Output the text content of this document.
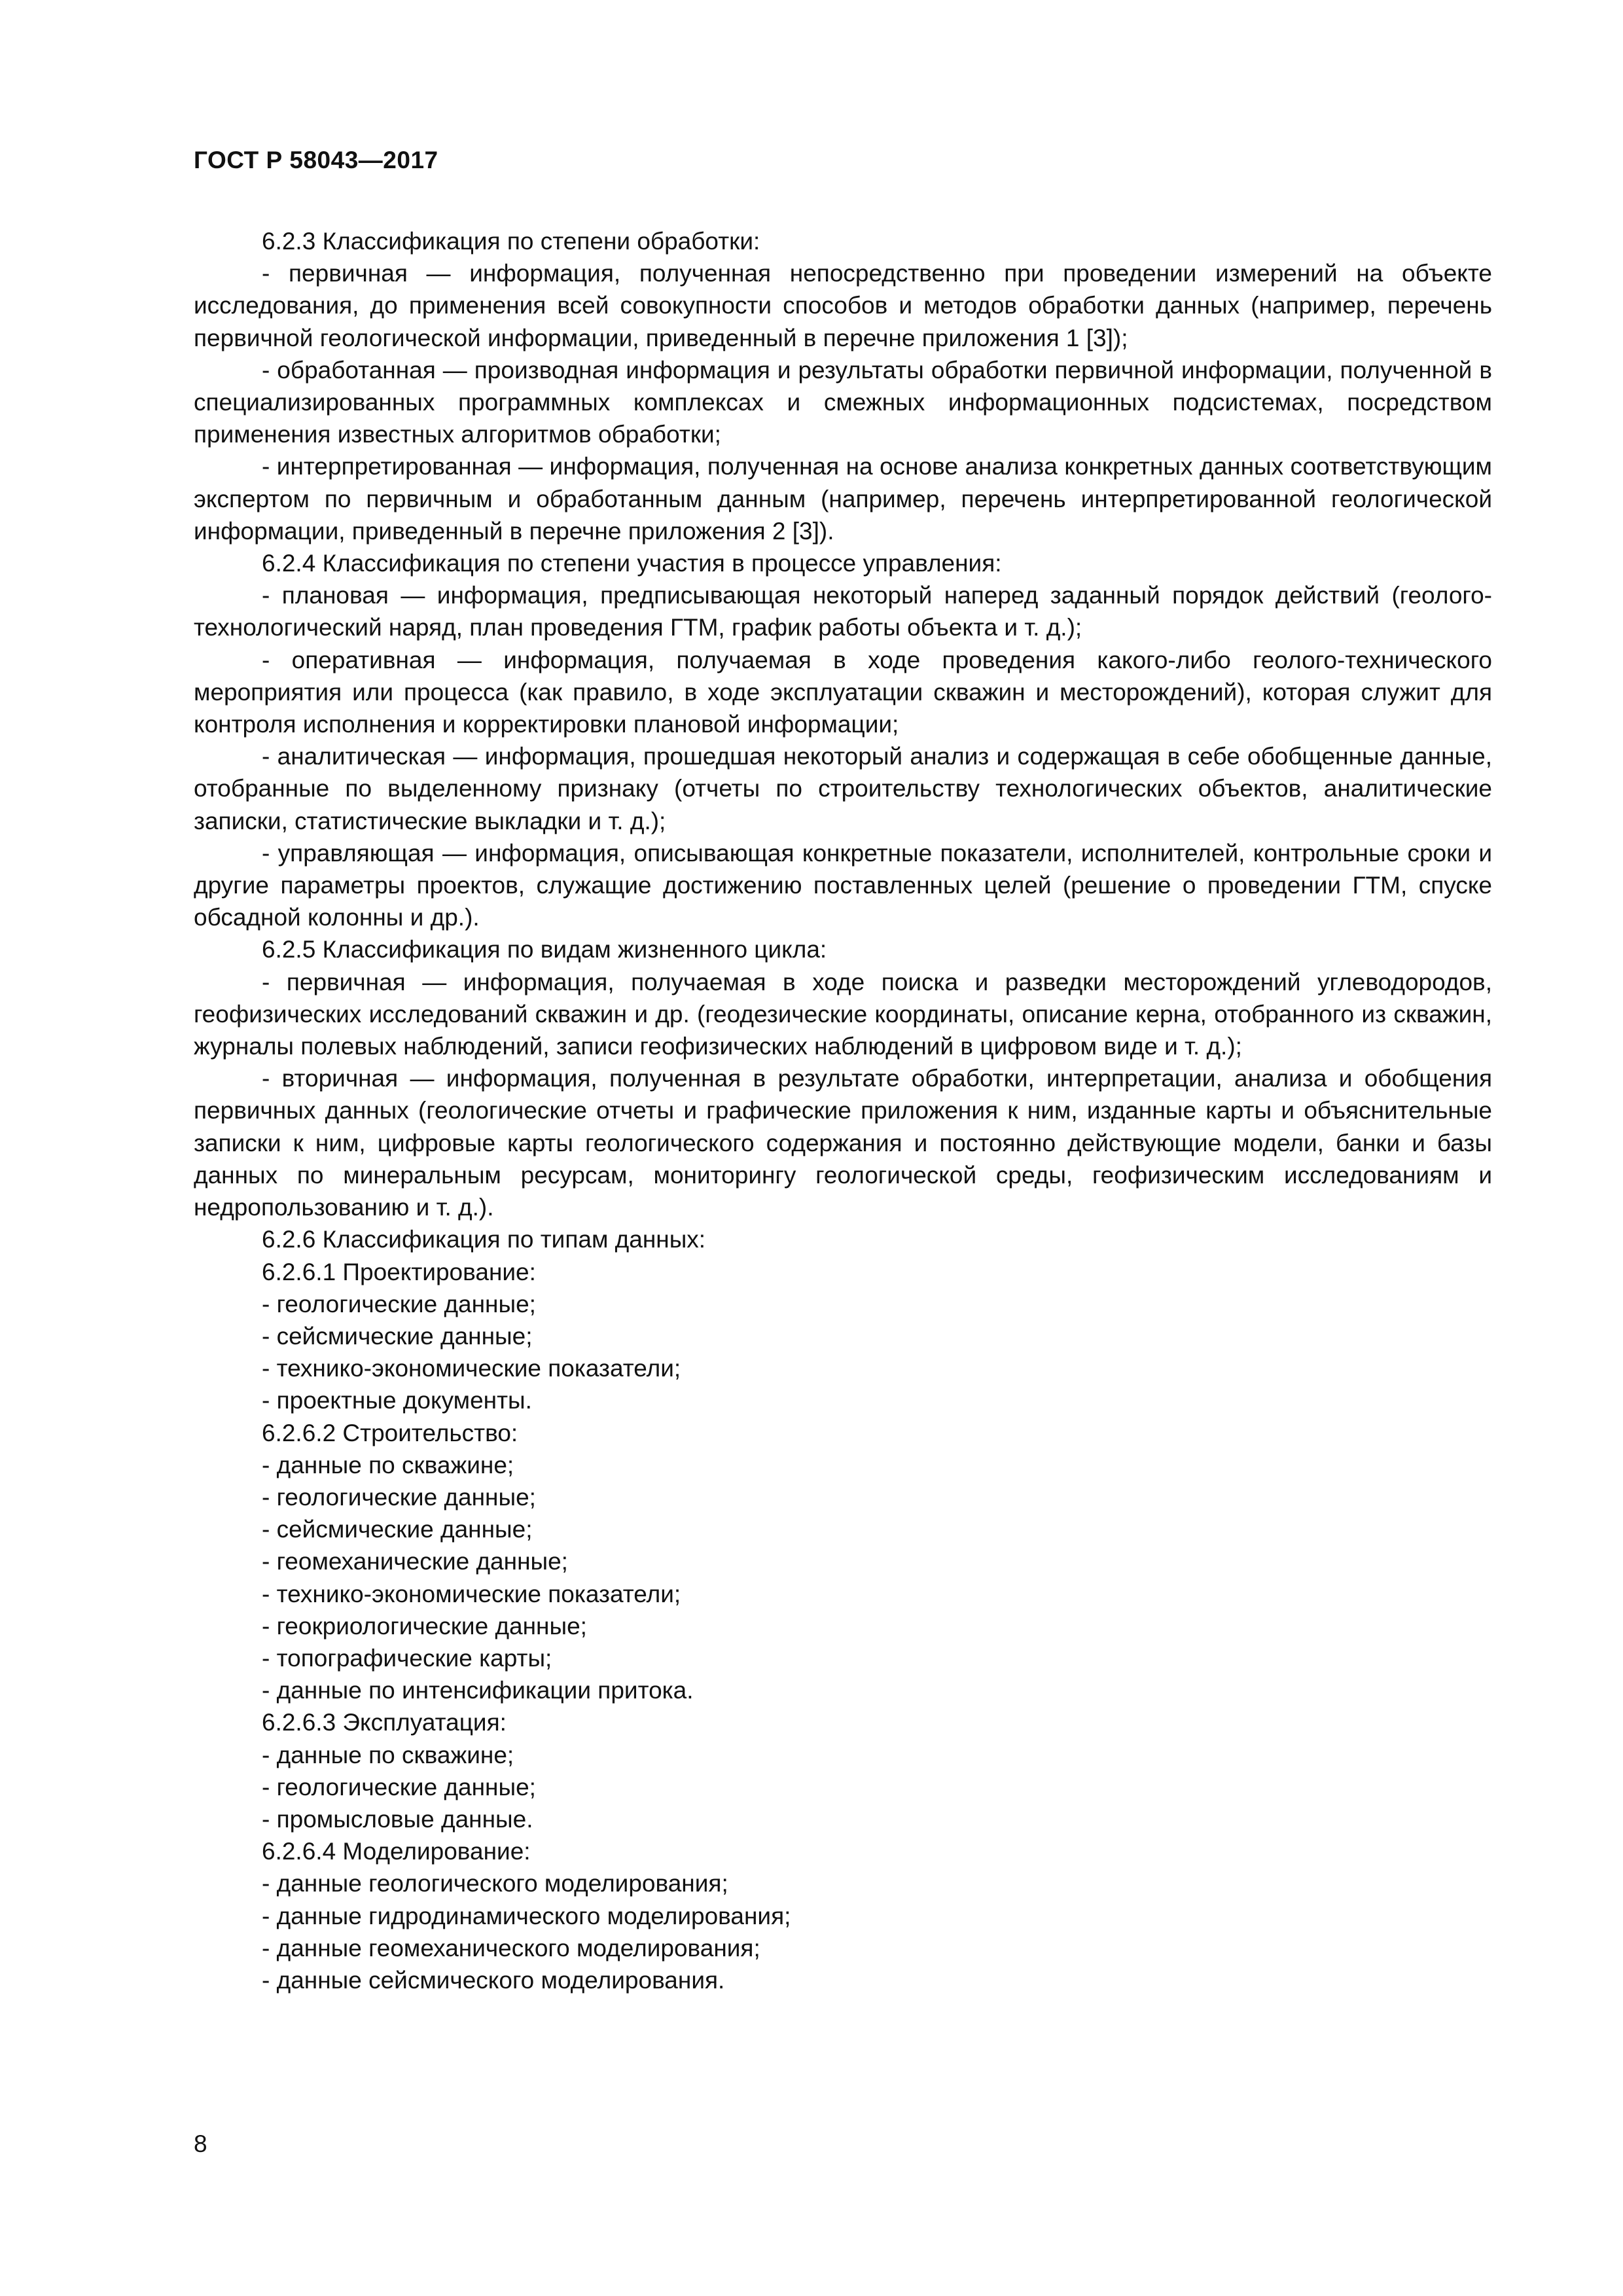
ГОСТ Р 58043—2017

6.2.3 Классификация по степени обработки:

- первичная — информация, полученная непосредственно при проведении измерений на объекте исследования, до применения всей совокупности способов и методов обработки данных (например, перечень первичной геологической информации, приведенный в перечне приложения 1 [3]);

- обработанная — производная информация и результаты обработки первичной информации, полученной в специализированных программных комплексах и смежных информационных подсистемах, посредством применения известных алгоритмов обработки;

- интерпретированная — информация, полученная на основе анализа конкретных данных соответствующим экспертом по первичным и обработанным данным (например, перечень интерпретированной геологической информации, приведенный в перечне приложения 2 [3]).

6.2.4 Классификация по степени участия в процессе управления:

- плановая — информация, предписывающая некоторый наперед заданный порядок действий (геолого-технологический наряд, план проведения ГТМ, график работы объекта и т. д.);

- оперативная — информация, получаемая в ходе проведения какого-либо геолого-технического мероприятия или процесса (как правило, в ходе эксплуатации скважин и месторождений), которая служит для контроля исполнения и корректировки плановой информации;

- аналитическая — информация, прошедшая некоторый анализ и содержащая в себе обобщенные данные, отобранные по выделенному признаку (отчеты по строительству технологических объектов, аналитические записки, статистические выкладки и т. д.);

- управляющая — информация, описывающая конкретные показатели, исполнителей, контрольные сроки и другие параметры проектов, служащие достижению поставленных целей (решение о проведении ГТМ, спуске обсадной колонны и др.).

6.2.5 Классификация по видам жизненного цикла:

- первичная — информация, получаемая в ходе поиска и разведки месторождений углеводородов, геофизических исследований скважин и др. (геодезические координаты, описание керна, отобранного из скважин, журналы полевых наблюдений, записи геофизических наблюдений в цифровом виде и т. д.);

- вторичная — информация, полученная в результате обработки, интерпретации, анализа и обобщения первичных данных (геологические отчеты и графические приложения к ним, изданные карты и объяснительные записки к ним, цифровые карты геологического содержания и постоянно действующие модели, банки и базы данных по минеральным ресурсам, мониторингу геологической среды, геофизическим исследованиям и недропользованию и т. д.).

6.2.6 Классификация по типам данных:

6.2.6.1 Проектирование:

- геологические данные;

- сейсмические данные;

- технико-экономические показатели;

- проектные документы.

6.2.6.2 Строительство:

- данные по скважине;

- геологические данные;

- сейсмические данные;

- геомеханические данные;

- технико-экономические показатели;

- геокриологические данные;

- топографические карты;

- данные по интенсификации притока.

6.2.6.3 Эксплуатация:

- данные по скважине;

- геологические данные;

- промысловые данные.

6.2.6.4 Моделирование:

- данные геологического моделирования;

- данные гидродинамического моделирования;

- данные геомеханического моделирования;

- данные сейсмического моделирования.

8
